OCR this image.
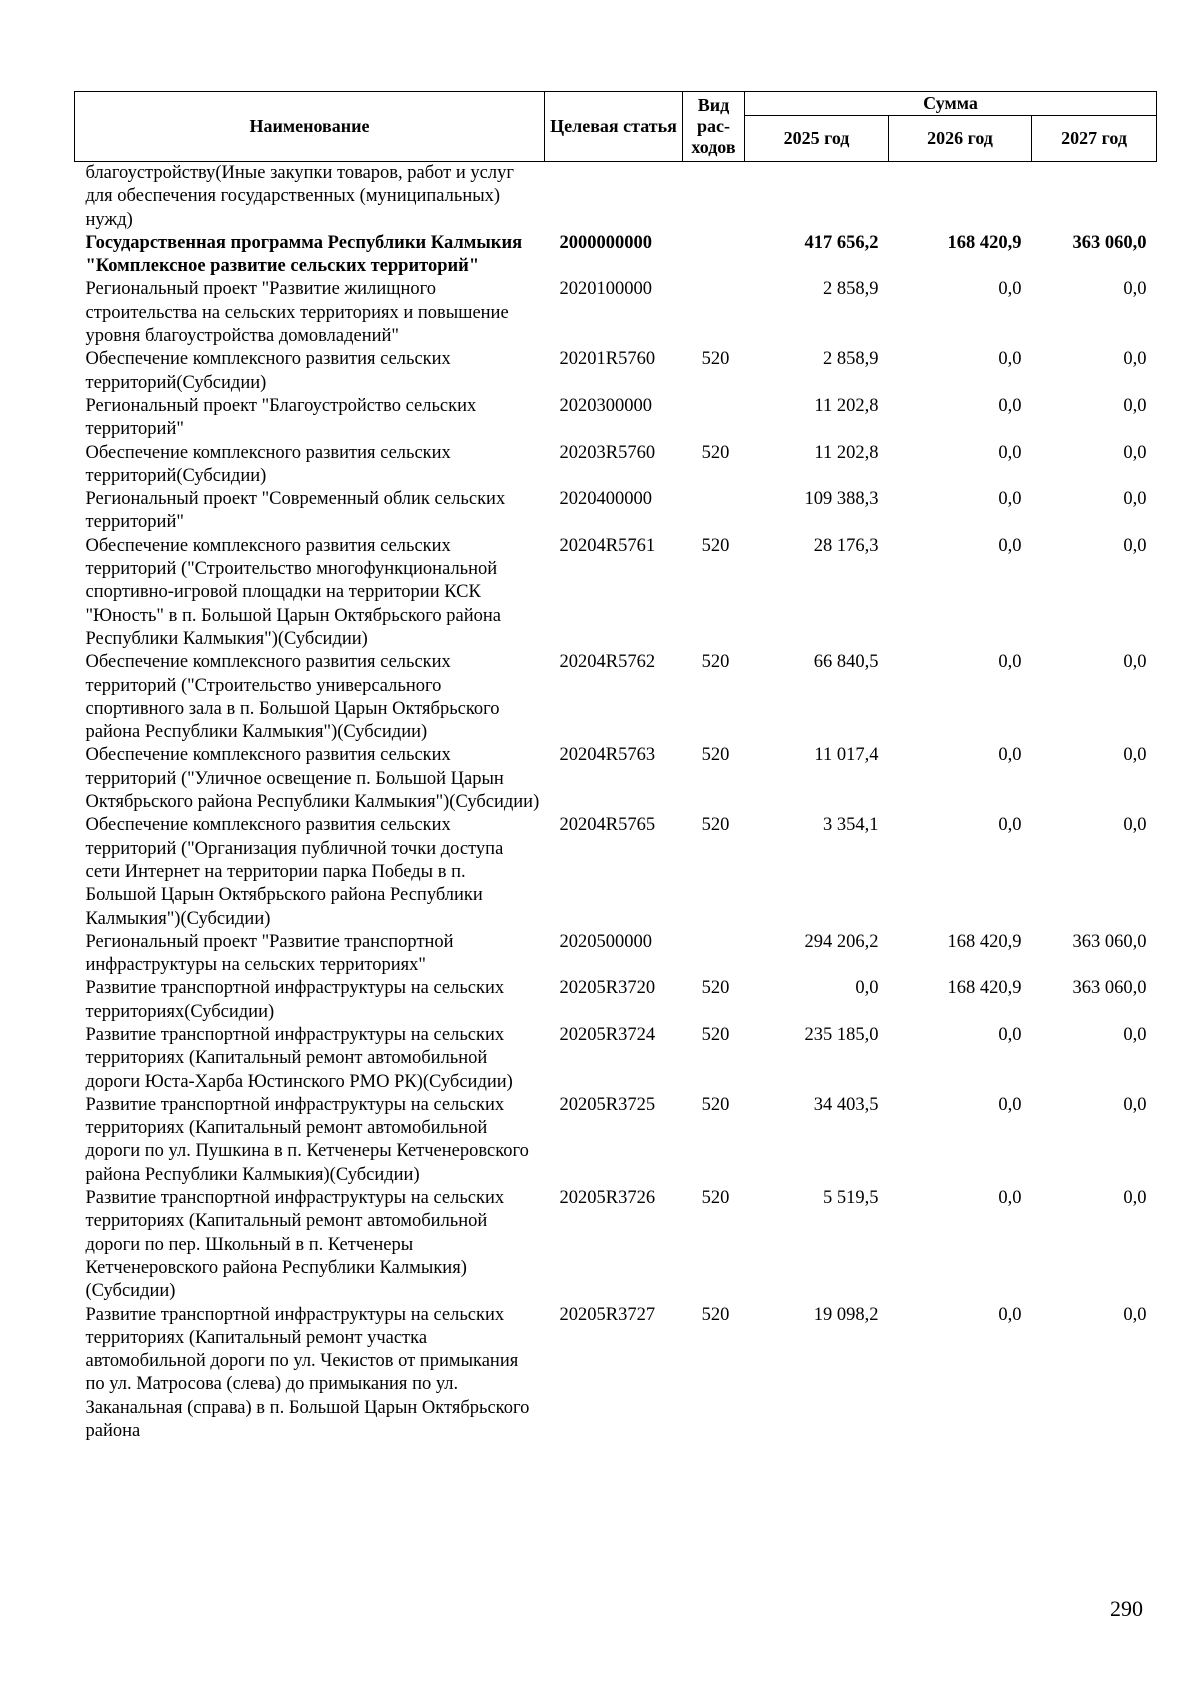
Наименование	Целевая статья	Вид рас-ходов	Сумма		
			2025 год	2026 год	2027 год
благоустройству(Иные закупки товаров, работ и услуг для обеспечения государственных (муниципальных) нужд)					
Государственная программа Республики Калмыкия "Комплексное развитие сельских территорий"	2000000000		417 656,2	168 420,9	363 060,0
Региональный проект "Развитие жилищного строительства на сельских территориях и повышение уровня благоустройства домовладений"	2020100000		2 858,9	0,0	0,0
Обеспечение комплексного развития сельских территорий(Субсидии)	20201R5760	520	2 858,9	0,0	0,0
Региональный проект "Благоустройство сельских территорий"	2020300000		11 202,8	0,0	0,0
Обеспечение комплексного развития сельских территорий(Субсидии)	20203R5760	520	11 202,8	0,0	0,0
Региональный проект "Современный облик сельских территорий"	2020400000		109 388,3	0,0	0,0
Обеспечение комплексного развития сельских территорий ("Строительство многофункциональной спортивно-игровой площадки на территории КСК "Юность" в п. Большой Царын Октябрьского района Республики Калмыкия")(Субсидии)	20204R5761	520	28 176,3	0,0	0,0
Обеспечение комплексного развития сельских территорий ("Строительство универсального спортивного зала в п. Большой Царын Октябрьского района Республики Калмыкия")(Субсидии)	20204R5762	520	66 840,5	0,0	0,0
Обеспечение комплексного развития сельских территорий ("Уличное освещение п. Большой Царын Октябрьского района Республики Калмыкия")(Субсидии)	20204R5763	520	11 017,4	0,0	0,0
Обеспечение комплексного развития сельских территорий ("Организация публичной точки доступа сети Интернет на территории парка Победы в п. Большой Царын Октябрьского района Республики Калмыкия")(Субсидии)	20204R5765	520	3 354,1	0,0	0,0
Региональный проект "Развитие транспортной инфраструктуры на сельских территориях"	2020500000		294 206,2	168 420,9	363 060,0
Развитие транспортной инфраструктуры на сельских территориях(Субсидии)	20205R3720	520	0,0	168 420,9	363 060,0
Развитие транспортной инфраструктуры на сельских территориях (Капитальный ремонт автомобильной дороги Юста-Харба Юстинского РМО РК)(Субсидии)	20205R3724	520	235 185,0	0,0	0,0
Развитие транспортной инфраструктуры на сельских территориях (Капитальный ремонт автомобильной дороги по ул. Пушкина в п. Кетченеры Кетченеровского района Республики Калмыкия)(Субсидии)	20205R3725	520	34 403,5	0,0	0,0
Развитие транспортной инфраструктуры на сельских территориях (Капитальный ремонт автомобильной дороги по пер. Школьный в п. Кетченеры Кетченеровского района Республики Калмыкия)(Субсидии)	20205R3726	520	5 519,5	0,0	0,0
Развитие транспортной инфраструктуры на сельских территориях (Капитальный ремонт участка автомобильной дороги по ул. Чекистов от примыкания по ул. Матросова (слева) до примыкания по ул. Заканальная (справа) в п. Большой Царын Октябрьского района	20205R3727	520	19 098,2	0,0	0,0
290
